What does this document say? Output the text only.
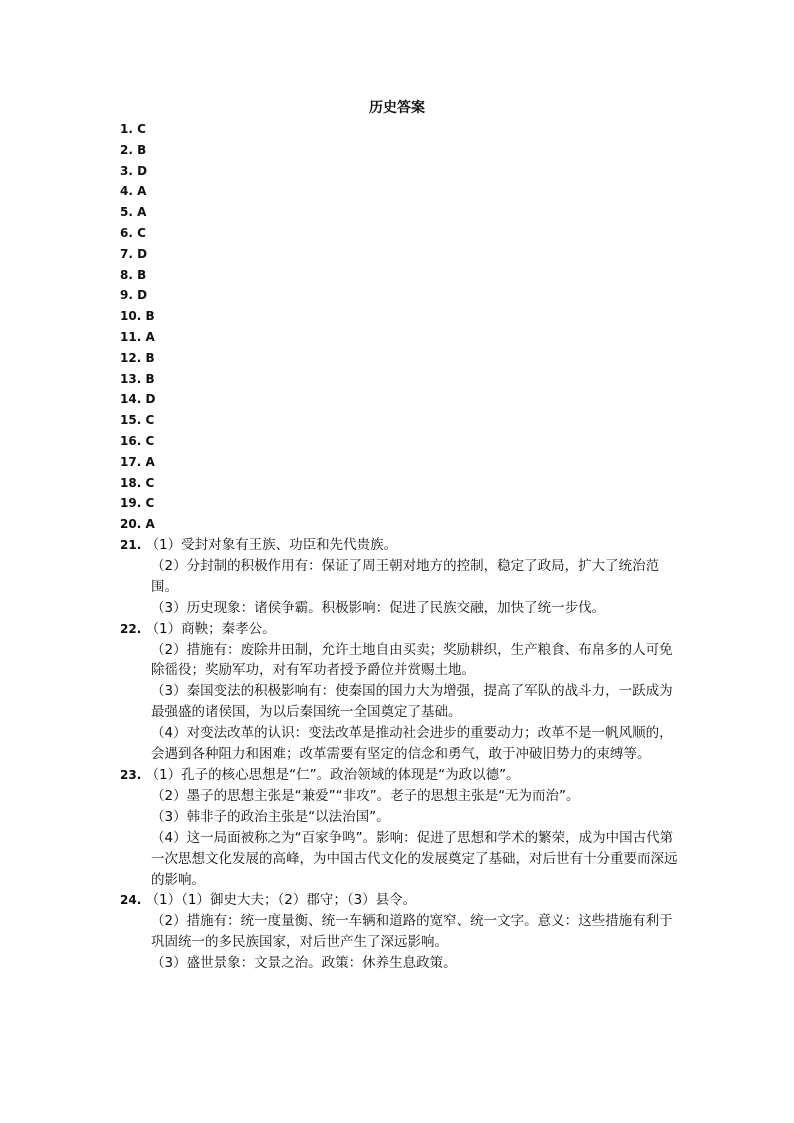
历史答案
1. C
2. B
3. D
4. A
5. A
6. C
7. D
8. B
9. D
10. B
11. A
12. B
13. B
14. D
15. C
16. C
17. A
18. C
19. C
20. A
21. （1）受封对象有王族、功臣和先代贵族。
（2）分封制的积极作用有：保证了周王朝对地方的控制，稳定了政局，扩大了统治范围。
（3）历史现象：诸侯争霸。积极影响：促进了民族交融，加快了统一步伐。
22. （1）商鞅；秦孝公。
（2）措施有：废除井田制，允许土地自由买卖；奖励耕织，生产粮食、布帛多的人可免除徭役；奖励军功，对有军功者授予爵位并赏赐土地。
（3）秦国变法的积极影响有：使秦国的国力大为增强，提高了军队的战斗力，一跃成为最强盛的诸侯国，为以后秦国统一全国奠定了基础。
（4）对变法改革的认识：变法改革是推动社会进步的重要动力；改革不是一帆风顺的，会遇到各种阻力和困难；改革需要有坚定的信念和勇气，敢于冲破旧势力的束缚等。
23. （1）孔子的核心思想是“仁”。政治领域的体现是“为政以德”。
（2）墨子的思想主张是“兼爱”“非攻”。老子的思想主张是“无为而治”。
（3）韩非子的政治主张是“以法治国”。
（4）这一局面被称之为“百家争鸣”。影响：促进了思想和学术的繁荣，成为中国古代第一次思想文化发展的高峰，为中国古代文化的发展奠定了基础，对后世有十分重要而深远的影响。
24. （1）（1）御史大夫；（2）郡守；（3）县令。
（2）措施有：统一度量衡、统一车辆和道路的宽窄、统一文字。意义：这些措施有利于巩固统一的多民族国家，对后世产生了深远影响。
（3）盛世景象：文景之治。政策：休养生息政策。
